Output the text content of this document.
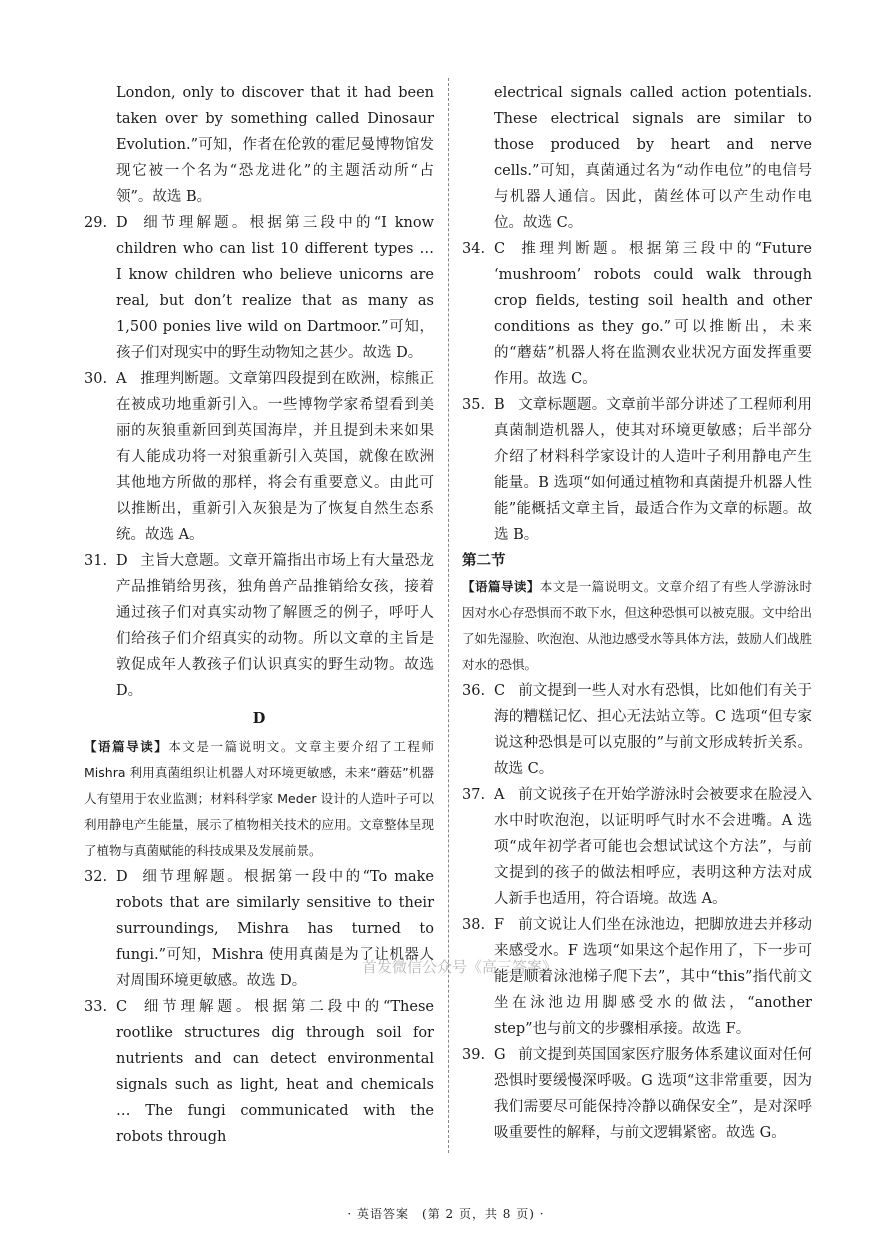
London, only to discover that it had been taken over by something called Dinosaur Evolution.”可知，作者在伦敦的霍尼曼博物馆发现它被一个名为“恐龙进化”的主题活动所“占领”。故选 B。
29. D 细节理解题。根据第三段中的“I know children who can list 10 different types … I know children who believe unicorns are real, but don’t realize that as many as 1,500 ponies live wild on Dartmoor.”可知，孩子们对现实中的野生动物知之甚少。故选 D。
30. A 推理判断题。文章第四段提到在欧洲，棕熊正在被成功地重新引入。一些博物学家希望看到美丽的灰狼重新回到英国海岸，并且提到未来如果有人能成功将一对狼重新引入英国，就像在欧洲其他地方所做的那样，将会有重要意义。由此可以推断出，重新引入灰狼是为了恢复自然生态系统。故选 A。
31. D 主旨大意题。文章开篇指出市场上有大量恐龙产品推销给男孩，独角兽产品推销给女孩，接着通过孩子们对真实动物了解匮乏的例子，呼吁人们给孩子们介绍真实的动物。所以文章的主旨是敦促成年人教孩子们认识真实的野生动物。故选 D。
D
【语篇导读】本文是一篇说明文。文章主要介绍了工程师 Mishra 利用真菌组织让机器人对环境更敏感，未来“蘑菇”机器人有望用于农业监测；材料科学家 Meder 设计的人造叶子可以利用静电产生能量，展示了植物相关技术的应用。文章整体呈现了植物与真菌赋能的科技成果及发展前景。
32. D 细节理解题。根据第一段中的“To make robots that are similarly sensitive to their surroundings, Mishra has turned to fungi.”可知，Mishra 使用真菌是为了让机器人对周围环境更敏感。故选 D。
33. C 细节理解题。根据第二段中的“These rootlike structures dig through soil for nutrients and can detect environmental signals such as light, heat and chemicals … The fungi communicated with the robots through
electrical signals called action potentials. These electrical signals are similar to those produced by heart and nerve cells.”可知，真菌通过名为“动作电位”的电信号与机器人通信。因此，菌丝体可以产生动作电位。故选 C。
34. C 推理判断题。根据第三段中的“Future ‘mushroom’ robots could walk through crop fields, testing soil health and other conditions as they go.”可以推断出，未来的“蘑菇”机器人将在监测农业状况方面发挥重要作用。故选 C。
35. B 文章标题题。文章前半部分讲述了工程师利用真菌制造机器人，使其对环境更敏感；后半部分介绍了材料科学家设计的人造叶子利用静电产生能量。B 选项“如何通过植物和真菌提升机器人性能”能概括文章主旨，最适合作为文章的标题。故选 B。
第二节
【语篇导读】本文是一篇说明文。文章介绍了有些人学游泳时因对水心存恐惧而不敢下水，但这种恐惧可以被克服。文中给出了如先湿脸、吹泡泡、从池边感受水等具体方法，鼓励人们战胜对水的恐惧。
36. C 前文提到一些人对水有恐惧，比如他们有关于海的糟糕记忆、担心无法站立等。C 选项“但专家说这种恐惧是可以克服的”与前文形成转折关系。故选 C。
37. A 前文说孩子在开始学游泳时会被要求在脸浸入水中时吹泡泡，以证明呼气时水不会进嘴。A 选项“成年初学者可能也会想试试这个方法”，与前文提到的孩子的做法相呼应，表明这种方法对成人新手也适用，符合语境。故选 A。
38. F 前文说让人们坐在泳池边，把脚放进去并移动来感受水。F 选项“如果这个起作用了，下一步可能是顺着泳池梯子爬下去”，其中“this”指代前文坐在泳池边用脚感受水的做法，“another step”也与前文的步骤相承接。故选 F。
39. G 前文提到英国国家医疗服务体系建议面对任何恐惧时要缓慢深呼吸。G 选项“这非常重要，因为我们需要尽可能保持冷静以确保安全”，是对深呼吸重要性的解释，与前文逻辑紧密。故选 G。
首发微信公众号《高三答案》
· 英语答案　(第 2 页，共 8 页) ·
